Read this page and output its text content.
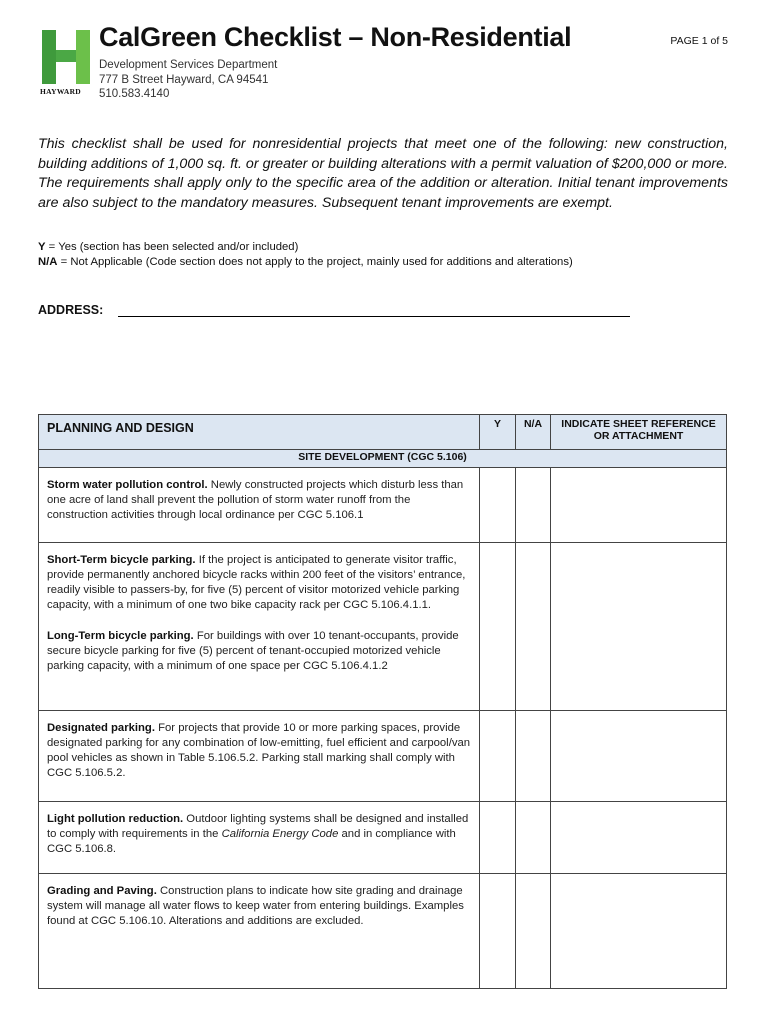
HAYWARD
CalGreen Checklist – Non-Residential	PAGE 1 of 5
Development Services Department
777 B Street Hayward, CA 94541
510.583.4140
This checklist shall be used for nonresidential projects that meet one of the following: new construction, building additions of 1,000 sq. ft. or greater or building alterations with a permit valuation of $200,000 or more. The requirements shall apply only to the specific area of the addition or alteration. Initial tenant improvements are also subject to the mandatory measures. Subsequent tenant improvements are exempt.
Y = Yes (section has been selected and/or included)
N/A = Not Applicable (Code section does not apply to the project, mainly used for additions and alterations)
ADDRESS:
PLANNING AND DESIGN	Y	N/A	INDICATE SHEET REFERENCE
OR ATTACHMENT

SITE DEVELOPMENT (CGC 5.106)			
Storm water pollution control. Newly constructed projects which disturb less than one acre of land shall prevent the pollution of storm water runoff from the construction activities through local ordinance per CGC 5.106.1			

Short-Term bicycle parking. If the project is anticipated to generate visitor traffic, provide permanently anchored bicycle racks within 200 feet of the visitors’ entrance, readily visible to passers-by, for five (5) percent of visitor motorized vehicle parking capacity, with a minimum of one two bike capacity rack per CGC 5.106.4.1.1.
Long-Term bicycle parking. For buildings with over 10 tenant-occupants, provide secure bicycle parking for five (5) percent of tenant-occupied motorized vehicle parking capacity, with a minimum of one space per CGC 5.106.4.1.2			

Designated parking. For projects that provide 10 or more parking spaces, provide designated parking for any combination of low-emitting, fuel efficient and carpool/van pool vehicles as shown in Table 5.106.5.2. Parking stall marking shall comply with CGC 5.106.5.2.			
Light pollution reduction. Outdoor lighting systems shall be designed and installed to comply with requirements in the California Energy Code and in compliance with CGC 5.106.8.			
Grading and Paving. Construction plans to indicate how site grading and drainage system will manage all water flows to keep water from entering buildings. Examples found at CGC 5.106.10. Alterations and additions are excluded.			
